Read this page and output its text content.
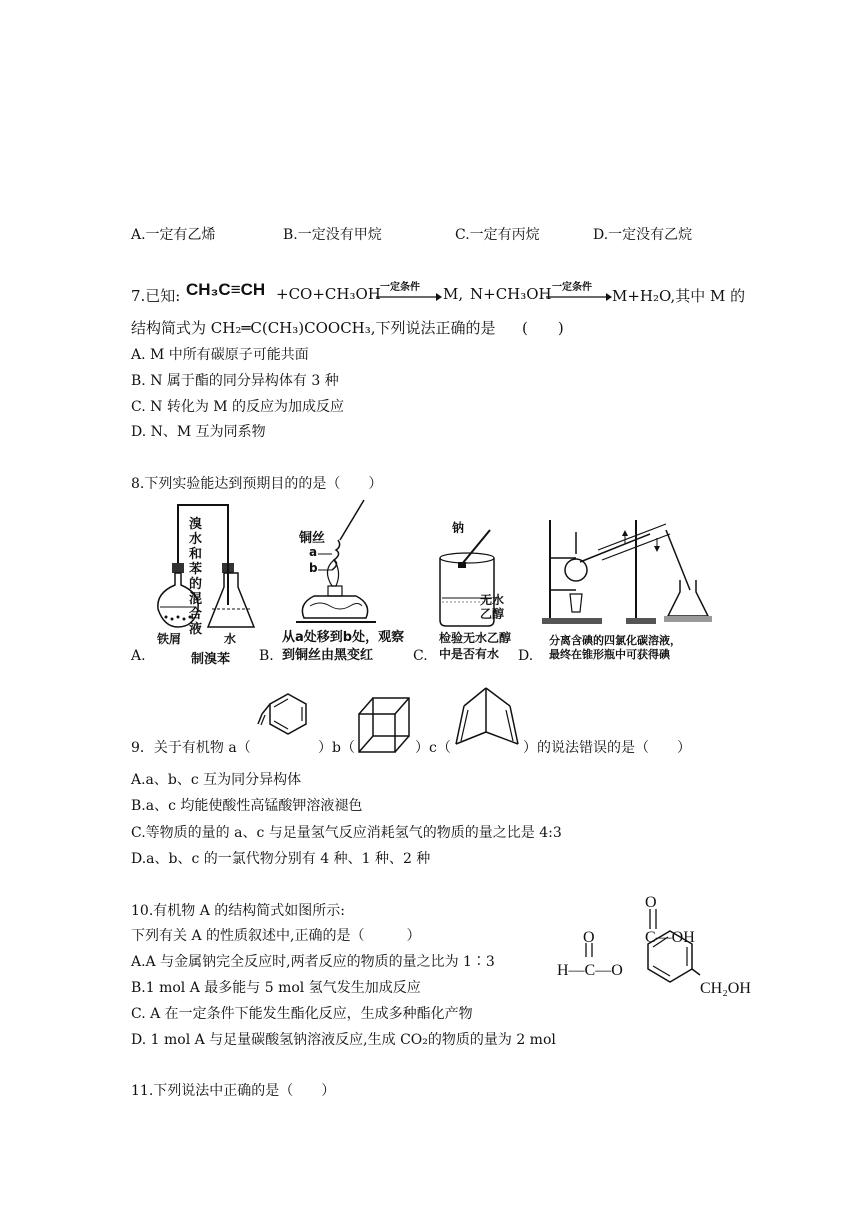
A.一定有乙烯	B.一定没有甲烷	C.一定有丙烷	D.一定没有乙烷
7.已知: CH₃C≡CH +CO+CH₃OH 一定条件 M, N+CH₃OH 一定条件 M+H₂O,其中 M 的
结构简式为 CH₂═C(CH₃)COOCH₃,下列说法正确的是 (　　)
A. M 中所有碳原子可能共面
B. N 属于酯的同分异构体有 3 种
C. N 转化为 M 的反应为加成反应
D. N、M 互为同系物
8.下列实验能达到预期目的的是（　　）
A.	B.	C.	D.
溴水和苯的混合液
铁屑	水
制溴苯
铜丝
a
b
从a处移到b处，观察
到铜丝由黑变红
钠
无水
乙醇
检验无水乙醇
中是否有水
分离含碘的四氯化碳溶液，
最终在锥形瓶中可获得碘
9．关于有机物 a（	）b（	）c（	）的说法错误的是（　　）
A.a、b、c 互为同分异构体
B.a、c 均能使酸性高锰酸钾溶液褪色
C.等物质的量的 a、c 与足量氢气反应消耗氢气的物质的量之比是 4:3
D.a、b、c 的一氯代物分别有 4 种、1 种、2 种
10.有机物 A 的结构简式如图所示:
下列有关 A 的性质叙述中,正确的是（　　　）
A.A 与金属钠完全反应时,两者反应的物质的量之比为 1∶3
B.1 mol A 最多能与 5 mol 氢气发生加成反应
C. A 在一定条件下能发生酯化反应，生成多种酯化产物
D. 1 mol A 与足量碳酸氢钠溶液反应,生成 CO₂的物质的量为 2 mol
O
C—OH
O
H—C—O
CH₂OH
11.下列说法中正确的是（　　）
